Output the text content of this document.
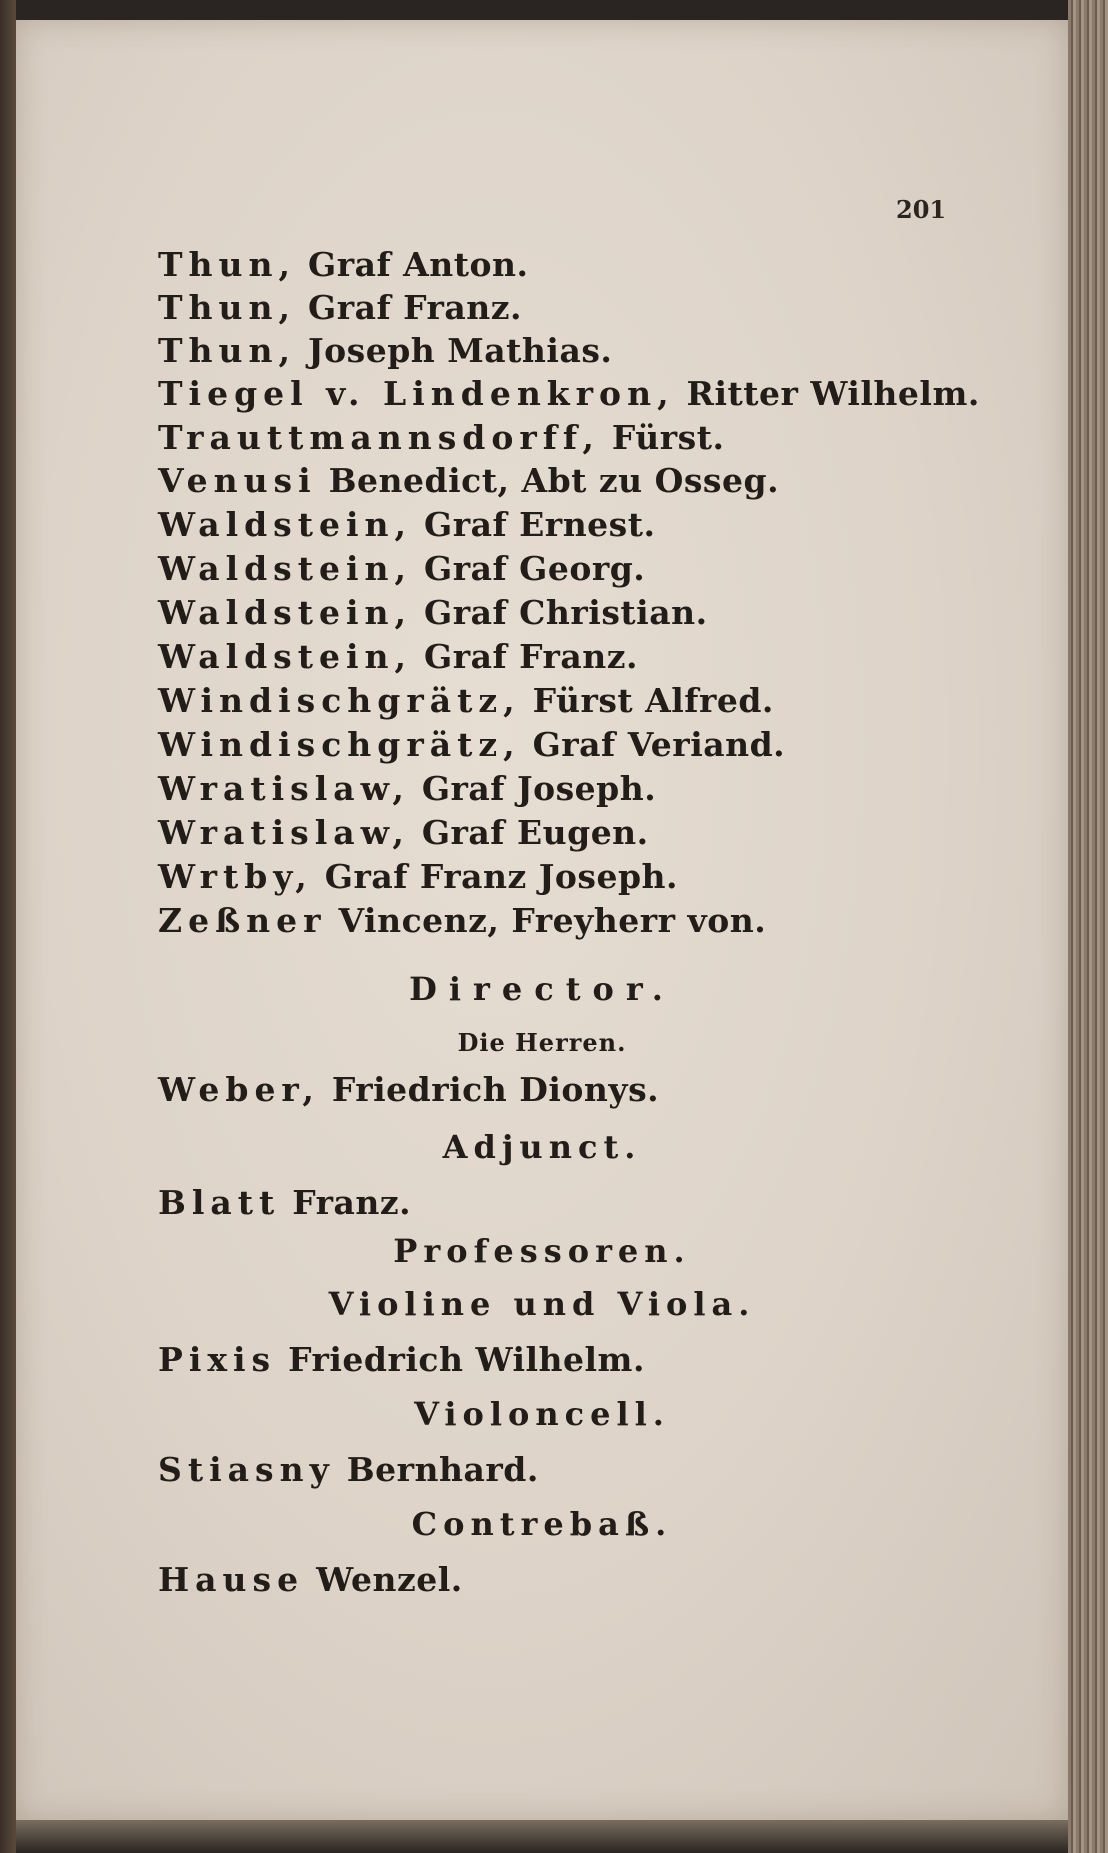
201
Thun, Graf Anton.
Thun, Graf Franz.
Thun, Joseph Mathias.
Tiegel v. Lindenkron, Ritter Wilhelm.
Trauttmannsdorff, Fürst.
Venusi Benedict, Abt zu Osseg.
Waldstein, Graf Ernest.
Waldstein, Graf Georg.
Waldstein, Graf Christian.
Waldstein, Graf Franz.
Windischgrätz, Fürst Alfred.
Windischgrätz, Graf Veriand.
Wratislaw, Graf Joseph.
Wratislaw, Graf Eugen.
Wrtby, Graf Franz Joseph.
Zeßner Vincenz, Freyherr von.
Director.
Die Herren.
Weber, Friedrich Dionys.
Adjunct.
Blatt Franz.
Professoren.
Violine und Viola.
Pixis Friedrich Wilhelm.
Violoncell.
Stiasny Bernhard.
Contrebaß.
Hause Wenzel.
